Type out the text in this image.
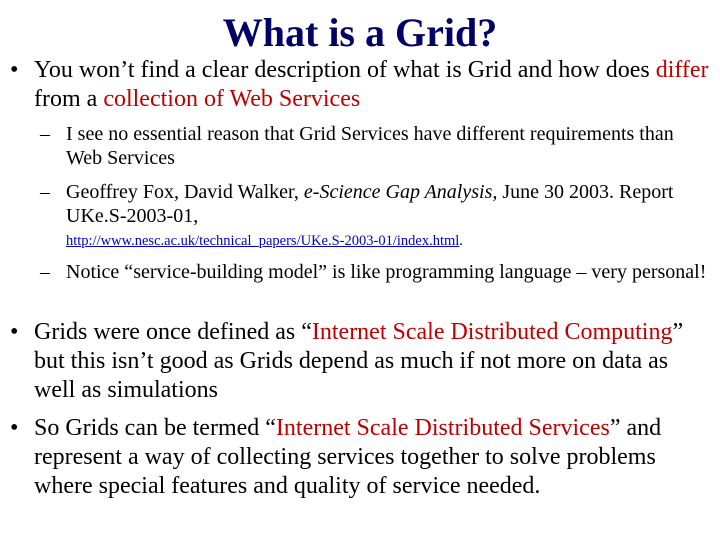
What is a Grid?
• You won’t find a clear description of what is Grid and how does differ from a collection of Web Services
– I see no essential reason that Grid Services have different requirements than Web Services
– Geoffrey Fox, David Walker, e-Science Gap Analysis, June 30 2003. Report UKe.S-2003-01,
http://www.nesc.ac.uk/technical_papers/UKe.S-2003-01/index.html.
– Notice “service-building model” is like programming language – very personal!
• Grids were once defined as “Internet Scale Distributed Computing” but this isn’t good as Grids depend as much if not more on data as well as simulations
• So Grids can be termed “Internet Scale Distributed Services” and represent a way of collecting services together to solve problems where special features and quality of service needed.
